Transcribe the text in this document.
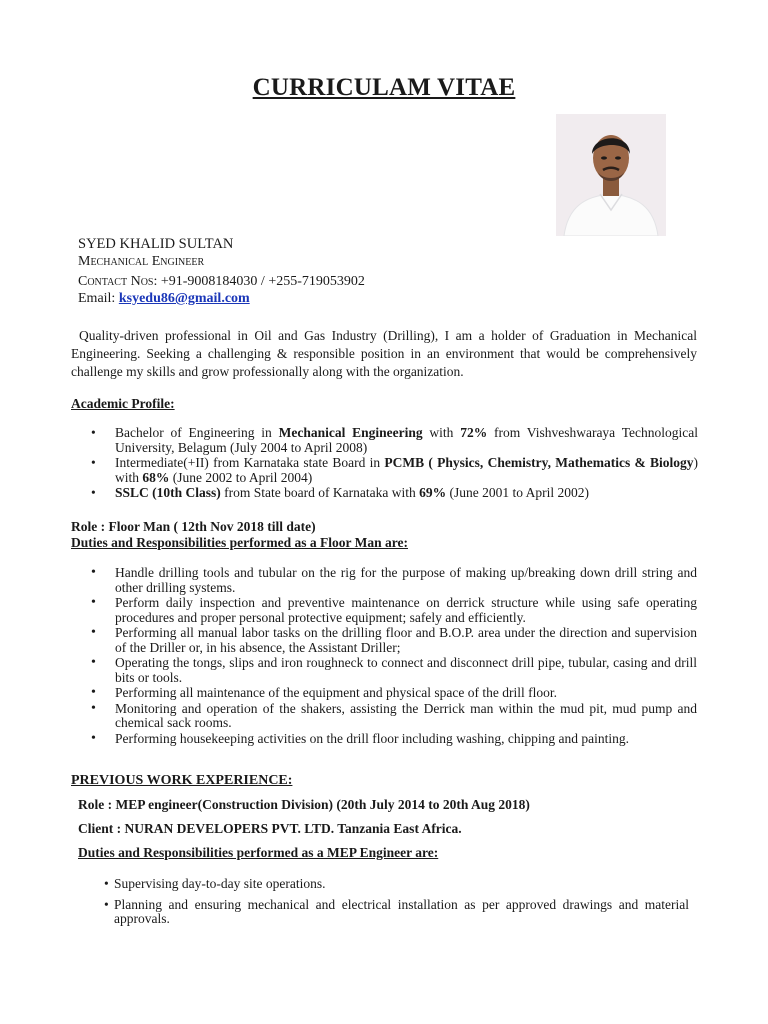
CURRICULAM VITAE
SYED KHALID SULTAN
Mechanical Engineer
Contact Nos: +91-9008184030 / +255-719053902
Email: ksyedu86@gmail.com
Quality-driven professional in Oil and Gas Industry (Drilling), I am a holder of Graduation in Mechanical Engineering. Seeking a challenging & responsible position in an environment that would be comprehensively challenge my skills and grow professionally along with the organization.
Academic Profile:
• Bachelor of Engineering in Mechanical Engineering with 72% from Vishveshwaraya Technological University, Belagum (July 2004 to April 2008)
• Intermediate(+II) from Karnataka state Board in PCMB ( Physics, Chemistry, Mathematics & Biology) with 68% (June 2002 to April 2004)
• SSLC (10th Class) from State board of Karnataka with 69% (June 2001 to April 2002)
Role : Floor Man ( 12th Nov 2018 till date)
Duties and Responsibilities performed as a Floor Man are:
• Handle drilling tools and tubular on the rig for the purpose of making up/breaking down drill string and other drilling systems.
• Perform daily inspection and preventive maintenance on derrick structure while using safe operating procedures and proper personal protective equipment; safely and efficiently.
• Performing all manual labor tasks on the drilling floor and B.O.P. area under the direction and supervision of the Driller or, in his absence, the Assistant Driller;
• Operating the tongs, slips and iron roughneck to connect and disconnect drill pipe, tubular, casing and drill bits or tools.
• Performing all maintenance of the equipment and physical space of the drill floor.
• Monitoring and operation of the shakers, assisting the Derrick man within the mud pit, mud pump and chemical sack rooms.
• Performing housekeeping activities on the drill floor including washing, chipping and painting.
PREVIOUS WORK EXPERIENCE:
Role : MEP engineer(Construction Division) (20th July 2014 to 20th Aug 2018)
Client : NURAN DEVELOPERS PVT. LTD. Tanzania East Africa.
Duties and Responsibilities performed as a MEP Engineer are:
• Supervising day-to-day site operations.
• Planning and ensuring mechanical and electrical installation as per approved drawings and material approvals.
